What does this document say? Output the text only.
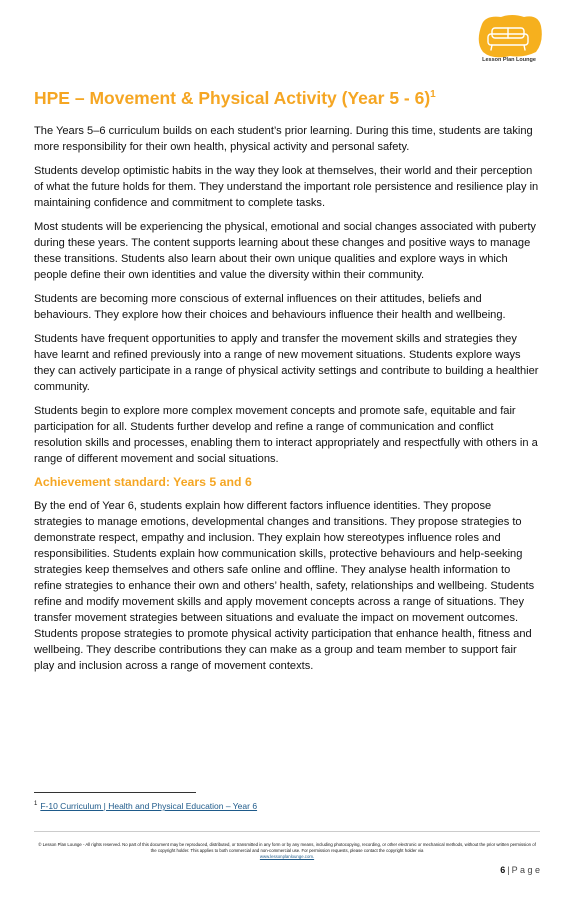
Lesson Plan Lounge
HPE – Movement & Physical Activity (Year 5 - 6)$^1$

The Years 5–6 curriculum builds on each student’s prior learning. During this time, students are taking more responsibility for their own health, physical activity and personal safety.

Students develop optimistic habits in the way they look at themselves, their world and their perception of what the future holds for them. They understand the important role persistence and resilience play in maintaining confidence and commitment to complete tasks.

Most students will be experiencing the physical, emotional and social changes associated with puberty during these years. The content supports learning about these changes and positive ways to manage these transitions. Students also learn about their own unique qualities and explore ways in which people define their own identities and value the diversity within their community.

Students are becoming more conscious of external influences on their attitudes, beliefs and behaviours. They explore how their choices and behaviours influence their health and wellbeing.

Students have frequent opportunities to apply and transfer the movement skills and strategies they have learnt and refined previously into a range of new movement situations. Students explore ways they can actively participate in a range of physical activity settings and contribute to building a healthier community.

Students begin to explore more complex movement concepts and promote safe, equitable and fair participation for all. Students further develop and refine a range of communication and conflict resolution skills and processes, enabling them to interact appropriately and respectfully with others in a range of different movement and social situations.

Achievement standard: Years 5 and 6

By the end of Year 6, students explain how different factors influence identities. They propose strategies to manage emotions, developmental changes and transitions. They propose strategies to demonstrate respect, empathy and inclusion. They explain how stereotypes influence roles and responsibilities. Students explain how communication skills, protective behaviours and help-seeking strategies keep themselves and others safe online and offline. They analyse health information to refine strategies to enhance their own and others’ health, safety, relationships and wellbeing. Students refine and modify movement skills and apply movement concepts across a range of situations. They transfer movement strategies between situations and evaluate the impact on movement outcomes. Students propose strategies to promote physical activity participation that enhance health, fitness and wellbeing. They describe contributions they can make as a group and team member to support fair play and inclusion across a range of movement contexts.

$^1$ F-10 Curriculum | Health and Physical Education – Year 6
© Lesson Plan Lounge - All rights reserved. No part of this document may be reproduced, distributed, or transmitted in any form or by any means, including photocopying, recording, or other electronic or mechanical methods, without the prior written permission of the copyright holder. This applies to both commercial and non-commercial use. For permission requests, please contact the copyright holder via
www.lessonplanlounge.com.
6 | P a g e
